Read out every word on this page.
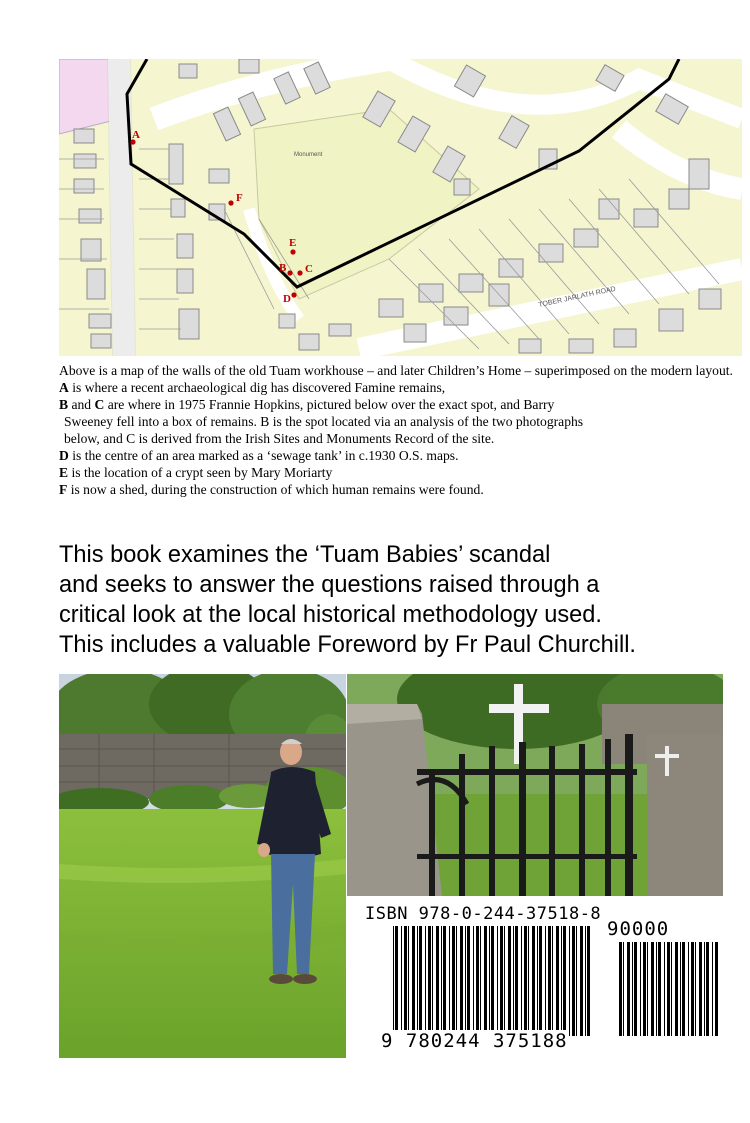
A
F
E
B C
D
Monument
TOBER JARLATH ROAD

Above is a map of the walls of the old Tuam workhouse – and later Children’s Home – superimposed on the modern layout.

A is where a recent archaeological dig has discovered Famine remains,

B and C are where in 1975 Frannie Hopkins, pictured below over the exact spot, and Barry

Sweeney fell into a box of remains. B is the spot located via an analysis of the two photographs

below, and C is derived from the Irish Sites and Monuments Record of the site.

D is the centre of an area marked as a ‘sewage tank’ in c.1930 O.S. maps.

E is the location of a crypt seen by Mary Moriarty

F is now a shed, during the construction of which human remains were found.

This book examines the ‘Tuam Babies’ scandal

and seeks to answer the questions raised through a

critical look at the local historical methodology used.

This includes a valuable Foreword by Fr Paul Churchill.

ISBN 978-0-244-37518-8
90000
9 780244 375188
